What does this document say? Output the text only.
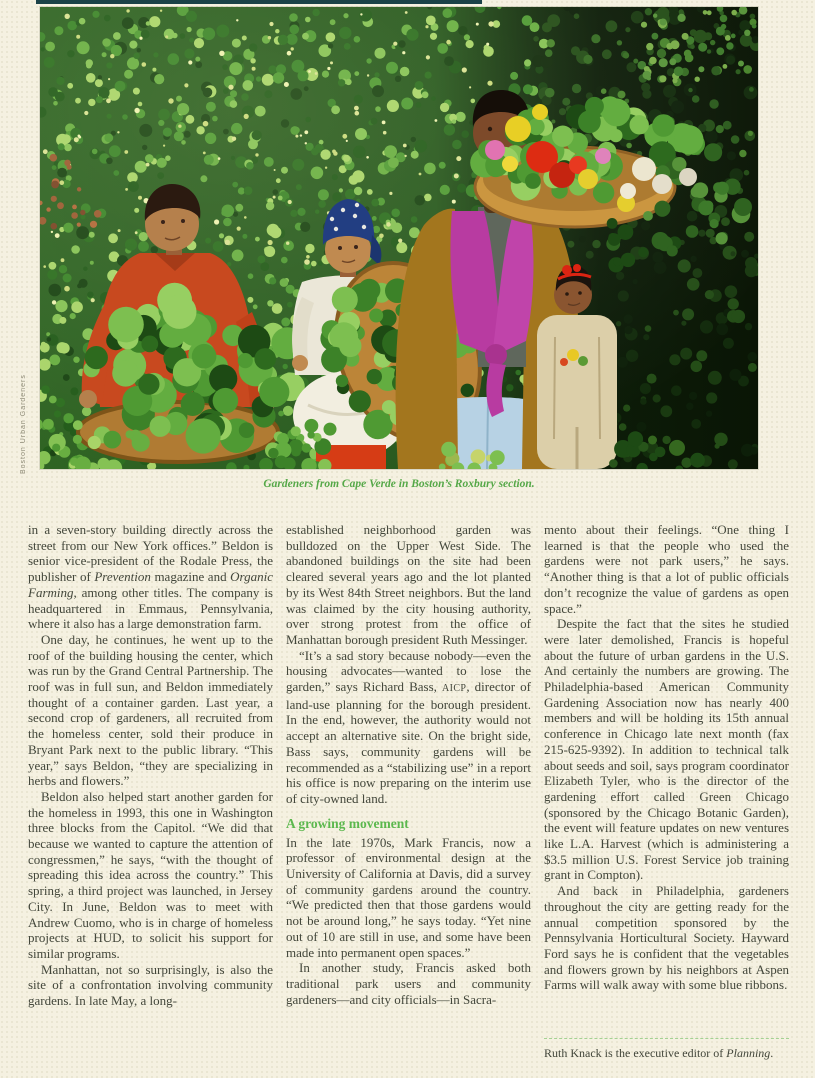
Boston Urban Gardeners
Gardeners from Cape Verde in Boston’s Roxbury section.

in a seven-story building directly across the street from our New York offices.” Beldon is senior vice-president of the Rodale Press, the publisher of Prevention magazine and Organic Farming, among other titles. The company is headquartered in Emmaus, Pennsylvania, where it also has a large demonstration farm.

One day, he continues, he went up to the roof of the building housing the center, which was run by the Grand Central Partnership. The roof was in full sun, and Beldon immediately thought of a container garden. Last year, a second crop of gardeners, all recruited from the homeless center, sold their produce in Bryant Park next to the public library. “This year,” says Beldon, “they are specializing in herbs and flowers.”

Beldon also helped start another garden for the homeless in 1993, this one in Washington three blocks from the Capitol. “We did that because we wanted to capture the attention of congressmen,” he says, “with the thought of spreading this idea across the country.” This spring, a third project was launched, in Jersey City. In June, Beldon was to meet with Andrew Cuomo, who is in charge of homeless projects at HUD, to solicit his support for similar programs.

Manhattan, not so surprisingly, is also the site of a confrontation involving community gardens. In late May, a long-

established neighborhood garden was bulldozed on the Upper West Side. The abandoned buildings on the site had been cleared several years ago and the lot planted by its West 84th Street neighbors. But the land was claimed by the city housing authority, over strong protest from the office of Manhattan borough president Ruth Messinger.

“It’s a sad story because nobody—even the housing advocates—wanted to lose the garden,” says Richard Bass, AICP, director of land-use planning for the borough president. In the end, however, the authority would not accept an alternative site. On the bright side, Bass says, community gardens will be recommended as a “stabilizing use” in a report his office is now preparing on the interim use of city-owned land.

A growing movement

In the late 1970s, Mark Francis, now a professor of environmental design at the University of California at Davis, did a survey of community gardens around the country. “We predicted then that those gardens would not be around long,” he says today. “Yet nine out of 10 are still in use, and some have been made into permanent open spaces.”

In another study, Francis asked both traditional park users and community gardeners—and city officials—in Sacra-

mento about their feelings. “One thing I learned is that the people who used the gardens were not park users,” he says. “Another thing is that a lot of public officials don’t recognize the value of gardens as open space.”

Despite the fact that the sites he studied were later demolished, Francis is hopeful about the future of urban gardens in the U.S. And certainly the numbers are growing. The Philadelphia-based American Community Gardening Association now has nearly 400 members and will be holding its 15th annual conference in Chicago late next month (fax 215-625-9392). In addition to technical talk about seeds and soil, says program coordinator Elizabeth Tyler, who is the director of the gardening effort called Green Chicago (sponsored by the Chicago Botanic Garden), the event will feature updates on new ventures like L.A. Harvest (which is administering a $3.5 million U.S. Forest Service job training grant in Compton).

And back in Philadelphia, gardeners throughout the city are getting ready for the annual competition sponsored by the Pennsylvania Horticultural Society. Hayward Ford says he is confident that the vegetables and flowers grown by his neighbors at Aspen Farms will walk away with some blue ribbons.

Ruth Knack is the executive editor of Planning.
